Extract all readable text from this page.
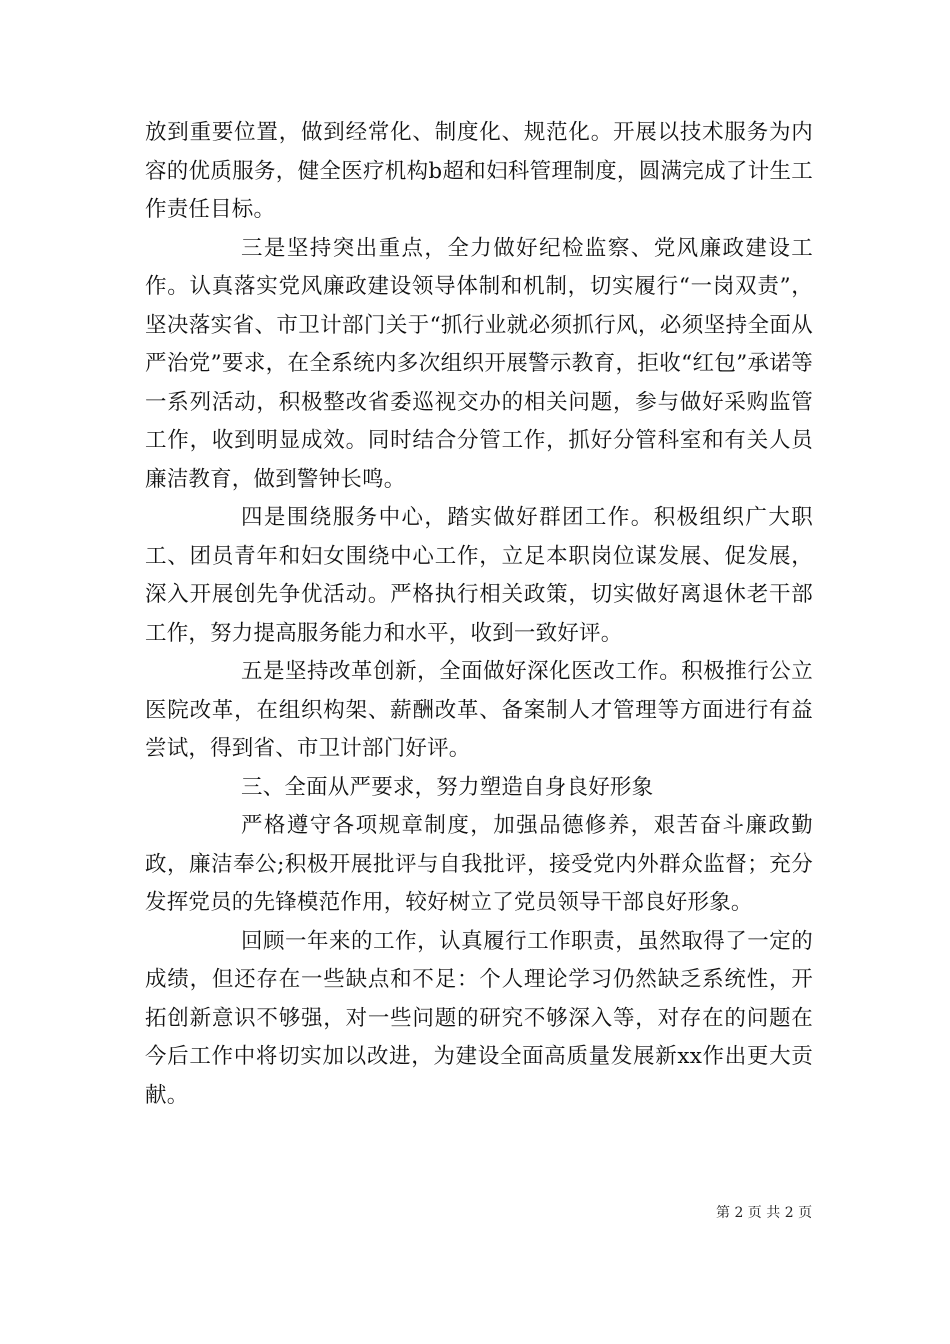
放到重要位置，做到经常化、制度化、规范化。开展以技术服务为内容的优质服务，健全医疗机构b超和妇科管理制度，圆满完成了计生工作责任目标。

三是坚持突出重点，全力做好纪检监察、党风廉政建设工作。认真落实党风廉政建设领导体制和机制，切实履行“一岗双责”，坚决落实省、市卫计部门关于“抓行业就必须抓行风，必须坚持全面从严治党”要求，在全系统内多次组织开展警示教育，拒收“红包”承诺等一系列活动，积极整改省委巡视交办的相关问题，参与做好采购监管工作，收到明显成效。同时结合分管工作，抓好分管科室和有关人员廉洁教育，做到警钟长鸣。

四是围绕服务中心，踏实做好群团工作。积极组织广大职工、团员青年和妇女围绕中心工作，立足本职岗位谋发展、促发展，深入开展创先争优活动。严格执行相关政策，切实做好离退休老干部工作，努力提高服务能力和水平，收到一致好评。

五是坚持改革创新，全面做好深化医改工作。积极推行公立医院改革，在组织构架、薪酬改革、备案制人才管理等方面进行有益尝试，得到省、市卫计部门好评。

三、全面从严要求，努力塑造自身良好形象

严格遵守各项规章制度，加强品德修养，艰苦奋斗廉政勤政，廉洁奉公;积极开展批评与自我批评，接受党内外群众监督；充分发挥党员的先锋模范作用，较好树立了党员领导干部良好形象。

回顾一年来的工作，认真履行工作职责，虽然取得了一定的成绩，但还存在一些缺点和不足：个人理论学习仍然缺乏系统性，开拓创新意识不够强，对一些问题的研究不够深入等，对存在的问题在今后工作中将切实加以改进，为建设全面高质量发展新xx作出更大贡献。

第 2 页 共 2 页
